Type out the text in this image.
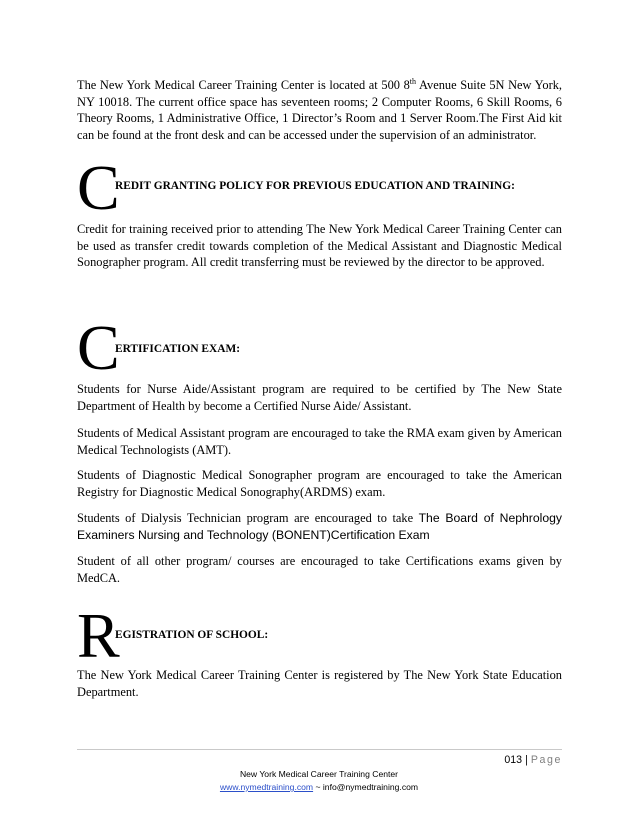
The New York Medical Career Training Center is located at 500 8th Avenue Suite 5N New York, NY 10018. The current office space has seventeen rooms; 2 Computer Rooms, 6 Skill Rooms, 6 Theory Rooms, 1 Administrative Office, 1 Director’s Room and 1 Server Room.The First Aid kit can be found at the front desk and can be accessed under the supervision of an administrator.

C
REDIT GRANTING POLICY FOR PREVIOUS EDUCATION AND TRAINING:

Credit for training received prior to attending The New York Medical Career Training Center can be used as transfer credit towards completion of the Medical Assistant and Diagnostic Medical Sonographer program. All credit transferring must be reviewed by the director to be approved.

C
ERTIFICATION EXAM:

Students for Nurse Aide/Assistant program are required to be certified by The New State Department of Health by become a Certified Nurse Aide/ Assistant.

Students of Medical Assistant program are encouraged to take the RMA exam given by American Medical Technologists (AMT).

Students of Diagnostic Medical Sonographer program are encouraged to take the American Registry for Diagnostic Medical Sonography(ARDMS) exam.

Students of Dialysis Technician program are encouraged to take The Board of Nephrology Examiners Nursing and Technology (BONENT)Certification Exam

Student of all other program/ courses are encouraged to take Certifications exams given by MedCA.

R
EGISTRATION OF SCHOOL:

The New York Medical Career Training Center is registered by The New York State Education Department.

013 | Page
New York Medical Career Training Center
www.nymedtraining.com ~ info@nymedtraining.com
